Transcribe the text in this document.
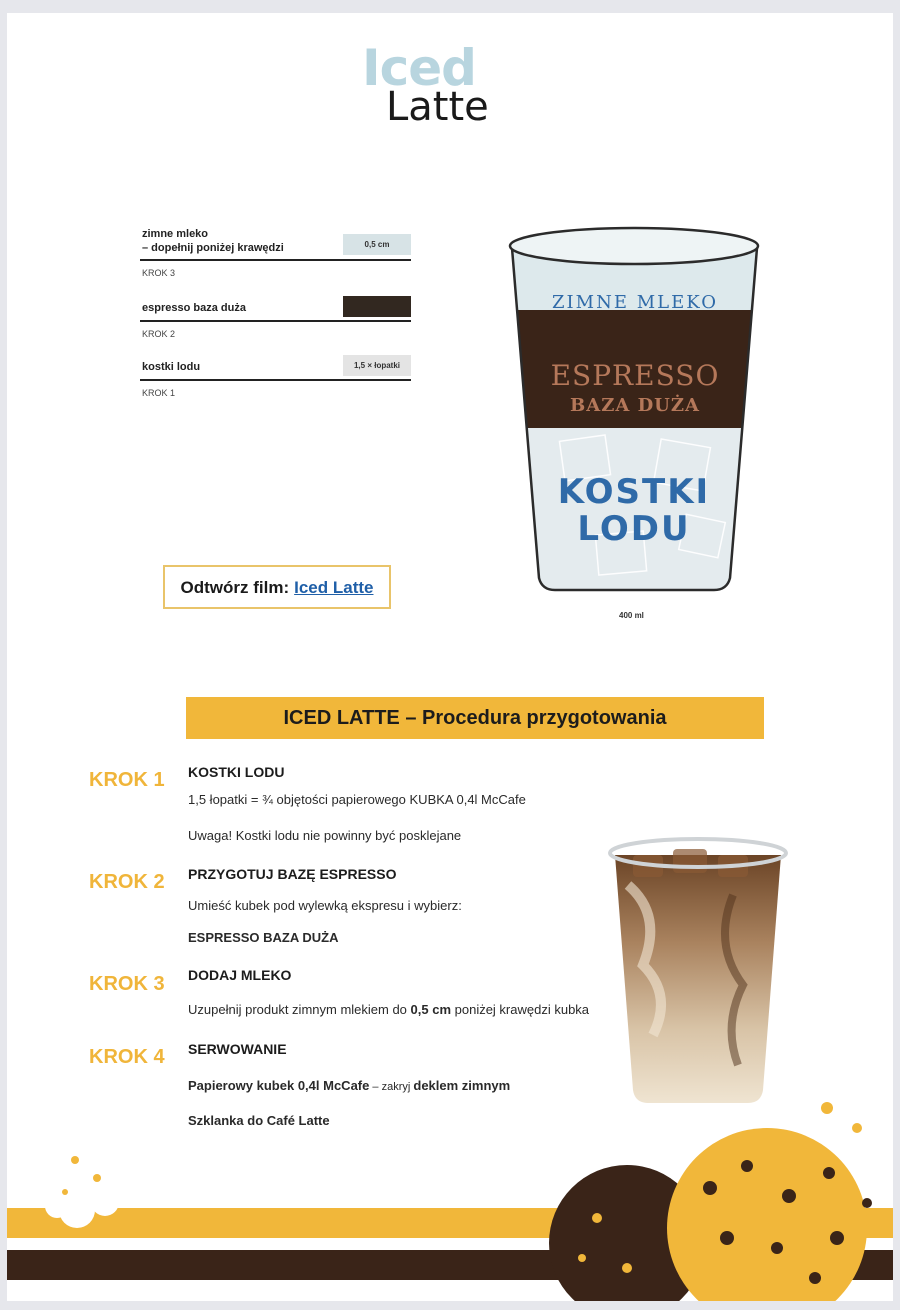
Iced
Latte
zimne mleko
– dopełnij poniżej krawędzi	0,5 cm
KROK 3
espresso baza duża
KROK 2
kostki lodu	1,5 × łopatki
KROK 1
ZIMNE MLEKO
ESPRESSO
BAZA DUŻA
KOSTKI
LODU
400 ml
Odtwórz film : Iced Latte
ICED LATTE – Procedura przygotowania
KROK 1 KOSTKI LODU
1,5 łopatki = ¾ objętości papierowego KUBKA 0,4l McCafe
Uwaga! Kostki lodu nie powinny być posklejane
KROK 2 PRZYGOTUJ BAZĘ ESPRESSO
Umieść kubek pod wylewką ekspresu i wybierz:
ESPRESSO BAZA DUŻA
KROK 3 DODAJ MLEKO
Uzupełnij produkt zimnym mlekiem do 0,5 cm poniżej krawędzi kubka
KROK 4 SERWOWANIE
Papierowy kubek 0,4l McCafe – zakryj deklem zimnym
Szklanka do Café Latte
